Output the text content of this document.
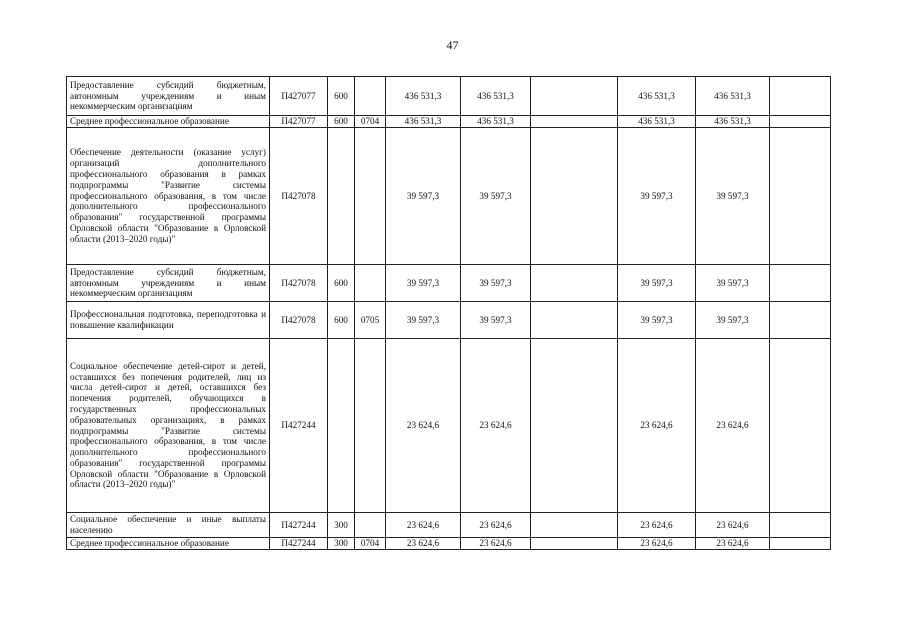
47
Предоставление субсидий бюджетным, автономным учреждениям и иным некоммерческим организациям	П427077	600		436 531,3	436 531,3		436 531,3	436 531,3	
Среднее профессиональное образование	П427077	600	0704	436 531,3	436 531,3		436 531,3	436 531,3	
Обеспечение деятельности (оказание услуг) организаций дополнительного профессионального образования в рамках подпрограммы "Развитие системы профессионального образования, в том числе дополнительного профессионального образования" государственной программы Орловской области "Образование в Орловской области (2013–2020 годы)"	П427078			39 597,3	39 597,3		39 597,3	39 597,3	
Предоставление субсидий бюджетным, автономным учреждениям и иным некоммерческим организациям	П427078	600		39 597,3	39 597,3		39 597,3	39 597,3	
Профессиональная подготовка, переподготовка и повышение квалификации	П427078	600	0705	39 597,3	39 597,3		39 597,3	39 597,3	
Социальное обеспечение детей-сирот и детей, оставшихся без попечения родителей, лиц из числа детей-сирот и детей, оставшихся без попечения родителей, обучающихся в государственных профессиональных образовательных организациях, в рамках подпрограммы "Развитие системы профессионального образования, в том числе дополнительного профессионального образования" государственной программы Орловской области "Образование в Орловской области (2013–2020 годы)"	П427244			23 624,6	23 624,6		23 624,6	23 624,6	
Социальное обеспечение и иные выплаты населению	П427244	300		23 624,6	23 624,6		23 624,6	23 624,6	
Среднее профессиональное образование	П427244	300	0704	23 624,6	23 624,6		23 624,6	23 624,6	
